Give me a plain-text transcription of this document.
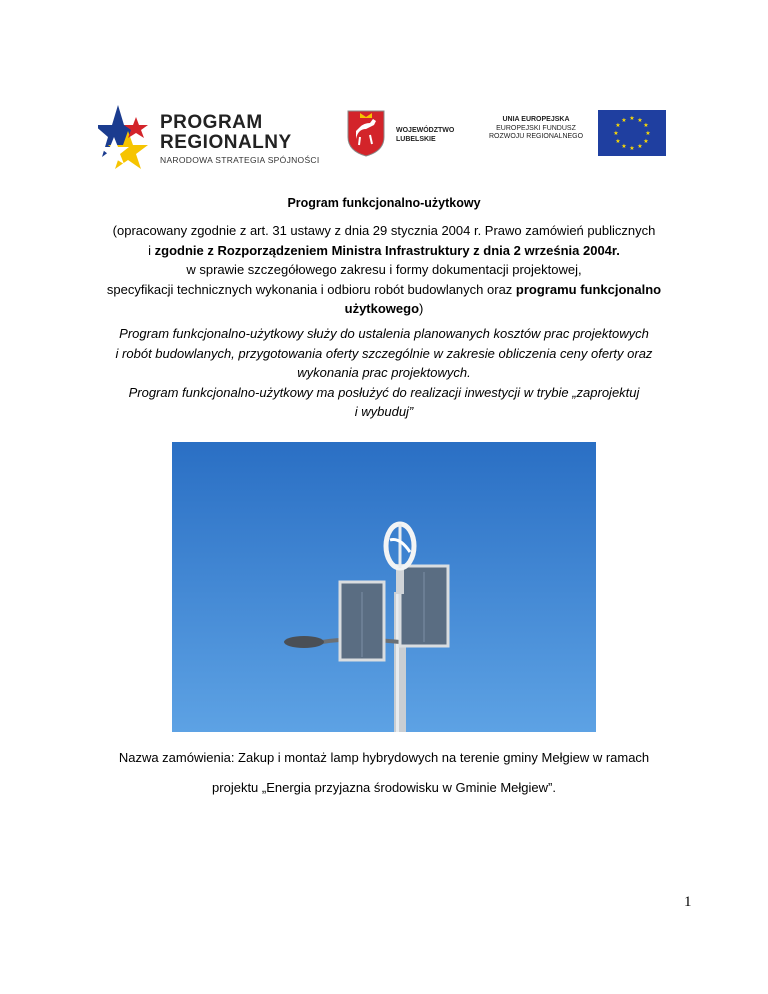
PROGRAM
REGIONALNY
NARODOWA STRATEGIA SPÓJNOŚCI
WOJEWÓDZTWO
LUBELSKIE
UNIA EUROPEJSKA
EUROPEJSKI FUNDUSZ
ROZWOJU REGIONALNEGO
★ ★
★
★
★
★
★
★
★
★
★
★
Program funkcjonalno-użytkowy
(opracowany zgodnie z art. 31 ustawy z dnia 29 stycznia 2004 r. Prawo zamówień publicznych
i zgodnie z Rozporządzeniem Ministra Infrastruktury z dnia 2 września 2004r.
w sprawie szczegółowego zakresu i formy dokumentacji projektowej,
specyfikacji technicznych wykonania i odbioru robót budowlanych oraz programu funkcjonalno
użytkowego)
Program funkcjonalno-użytkowy służy do ustalenia planowanych kosztów prac projektowych
i robót budowlanych, przygotowania oferty szczególnie w zakresie obliczenia ceny oferty oraz
wykonania prac projektowych.
Program funkcjonalno-użytkowy ma posłużyć do realizacji inwestycji w trybie „zaprojektuj
i wybuduj”
Nazwa zamówienia: Zakup i montaż lamp hybrydowych na terenie gminy Mełgiew w ramach
projektu „Energia przyjazna środowisku w Gminie Mełgiew”.
1
